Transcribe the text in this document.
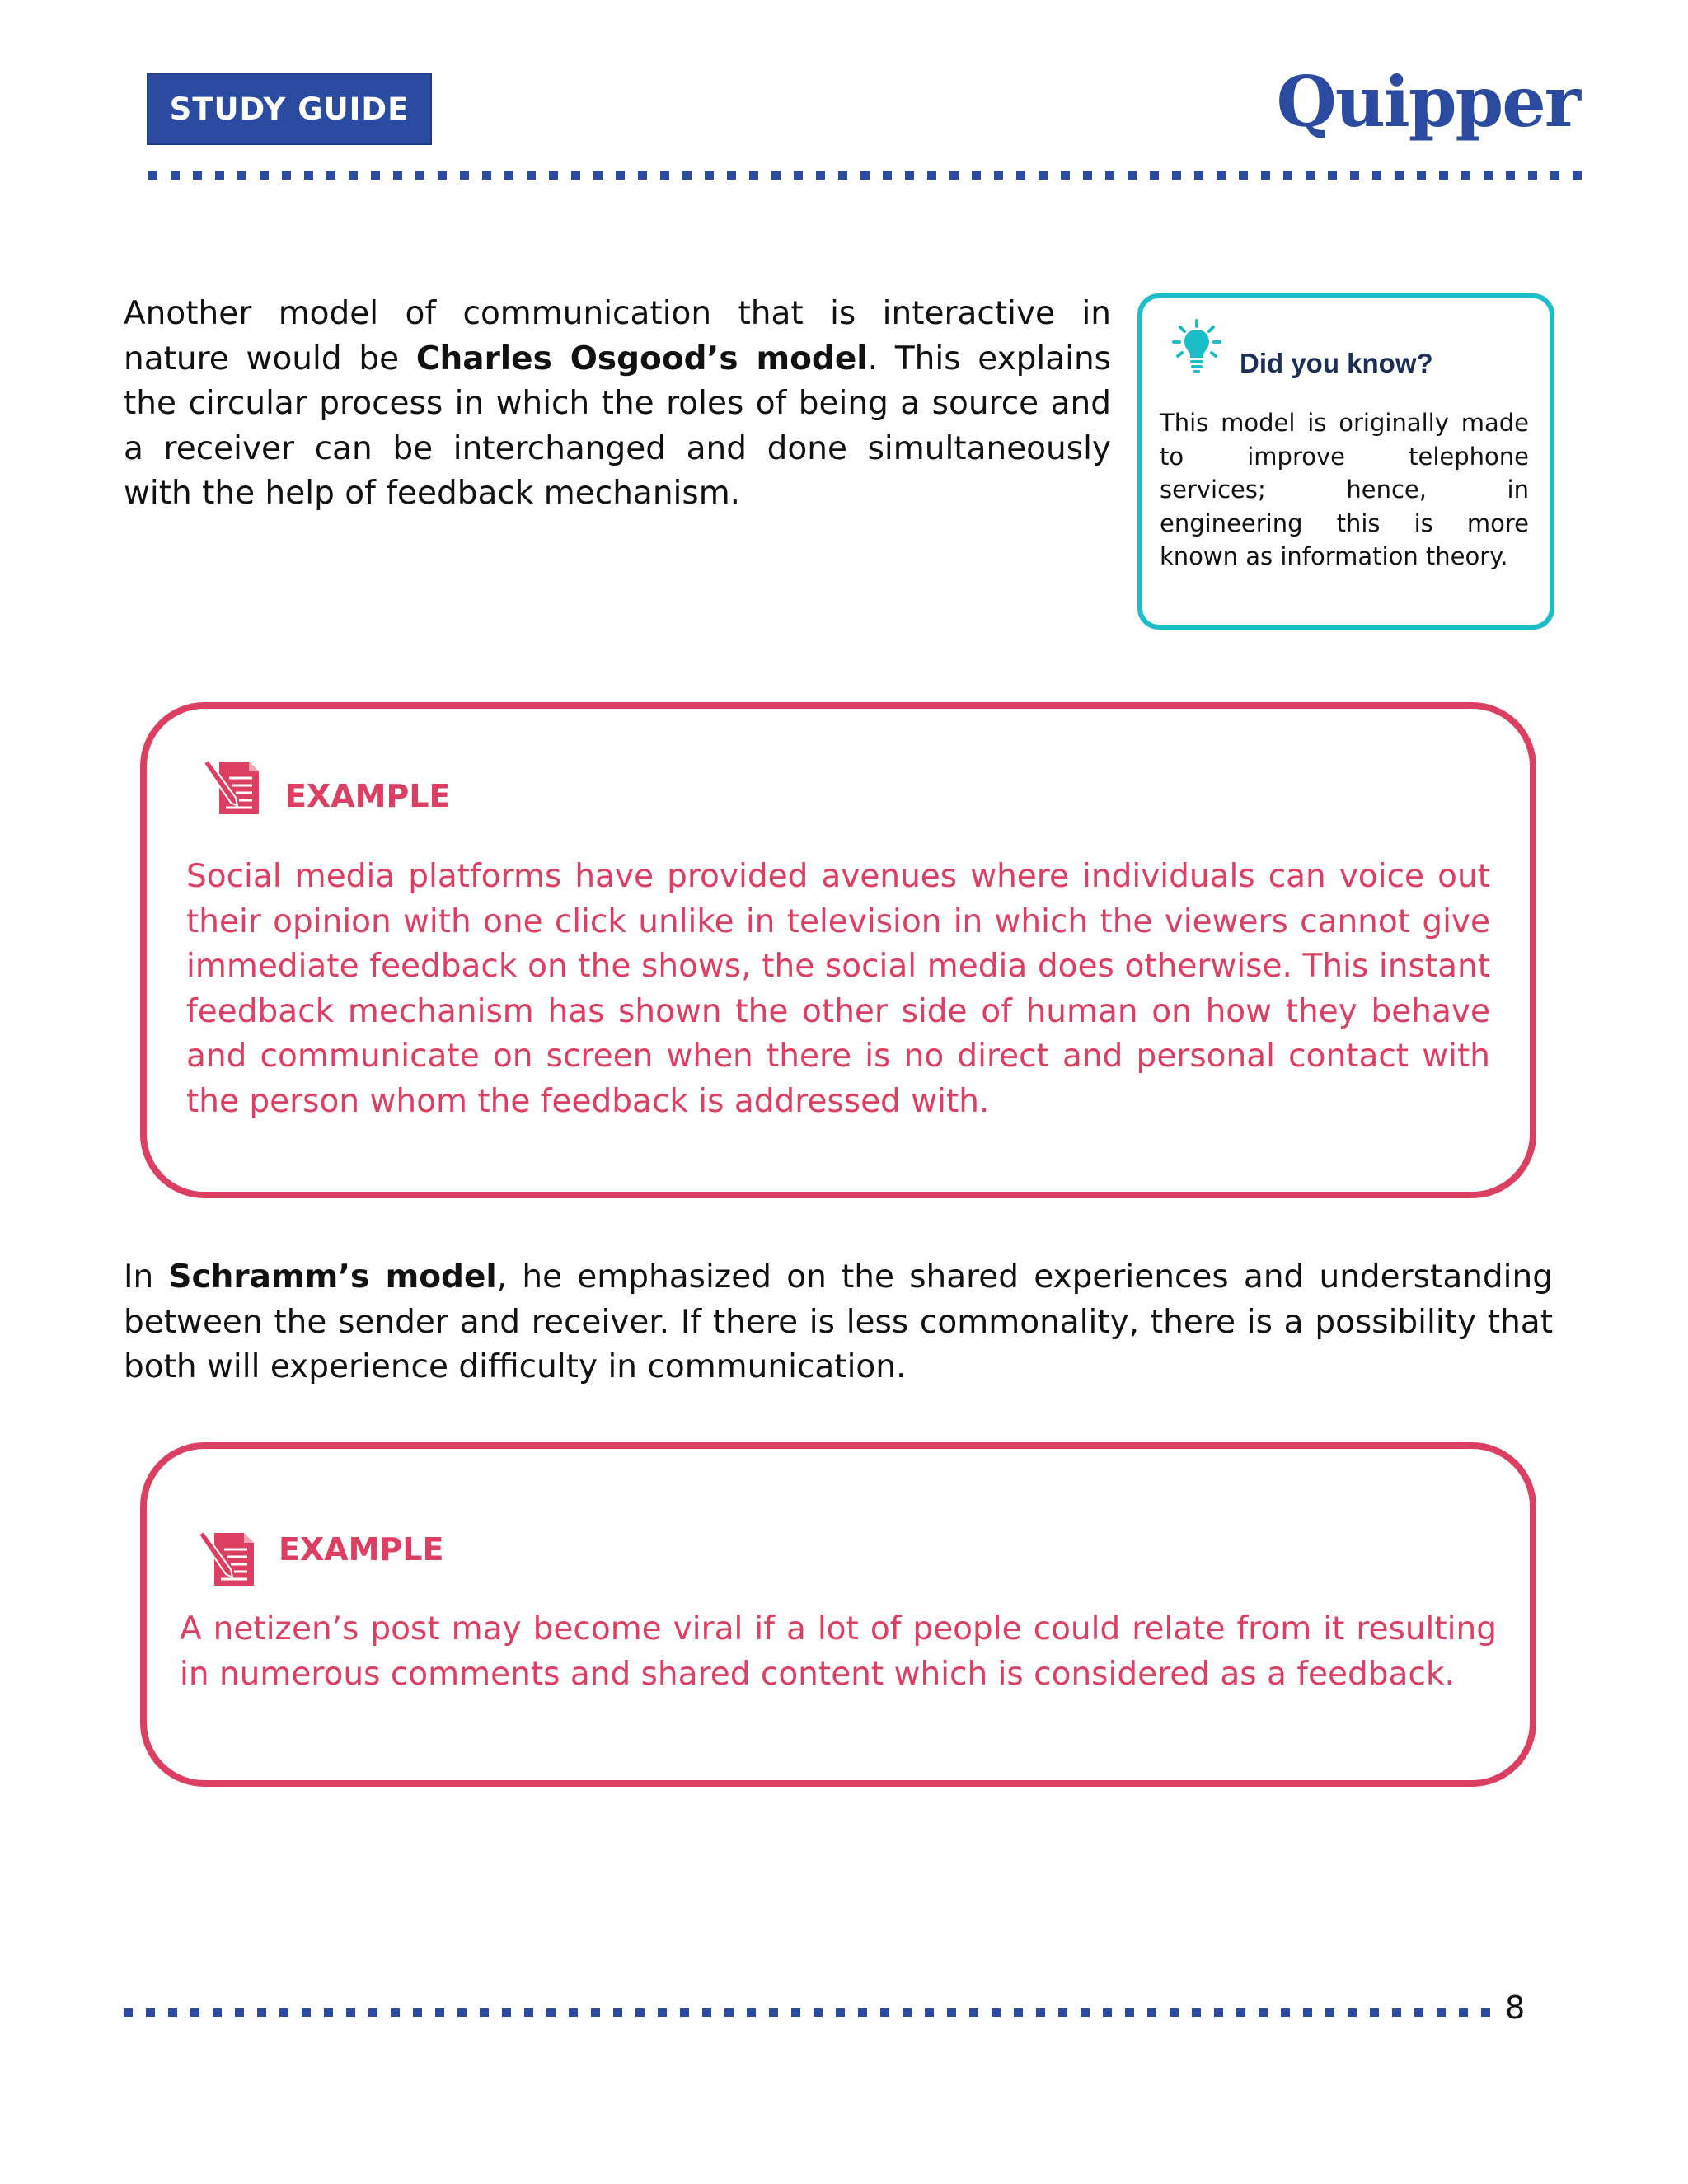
STUDY GUIDE	Quipper

Another model of communication that is interactive in nature would be Charles Osgood’s model. This explains the circular process in which the roles of being a source and a receiver can be interchanged and done simultaneously with the help of feedback mechanism.

Did you know?
This model is originally made to improve telephone services; hence, in engineering this is more known as information theory.
EXAMPLE
Social media platforms have provided avenues where individuals can voice out their opinion with one click unlike in television in which the viewers cannot give immediate feedback on the shows, the social media does otherwise. This instant feedback mechanism has shown the other side of human on how they behave and communicate on screen when there is no direct and personal contact with the person whom the feedback is addressed with.

In Schramm’s model, he emphasized on the shared experiences and understanding between the sender and receiver. If there is less commonality, there is a possibility that both will experience difficulty in communication.

EXAMPLE
A netizen’s post may become viral if a lot of people could relate from it resulting in numerous comments and shared content which is considered as a feedback.
8
